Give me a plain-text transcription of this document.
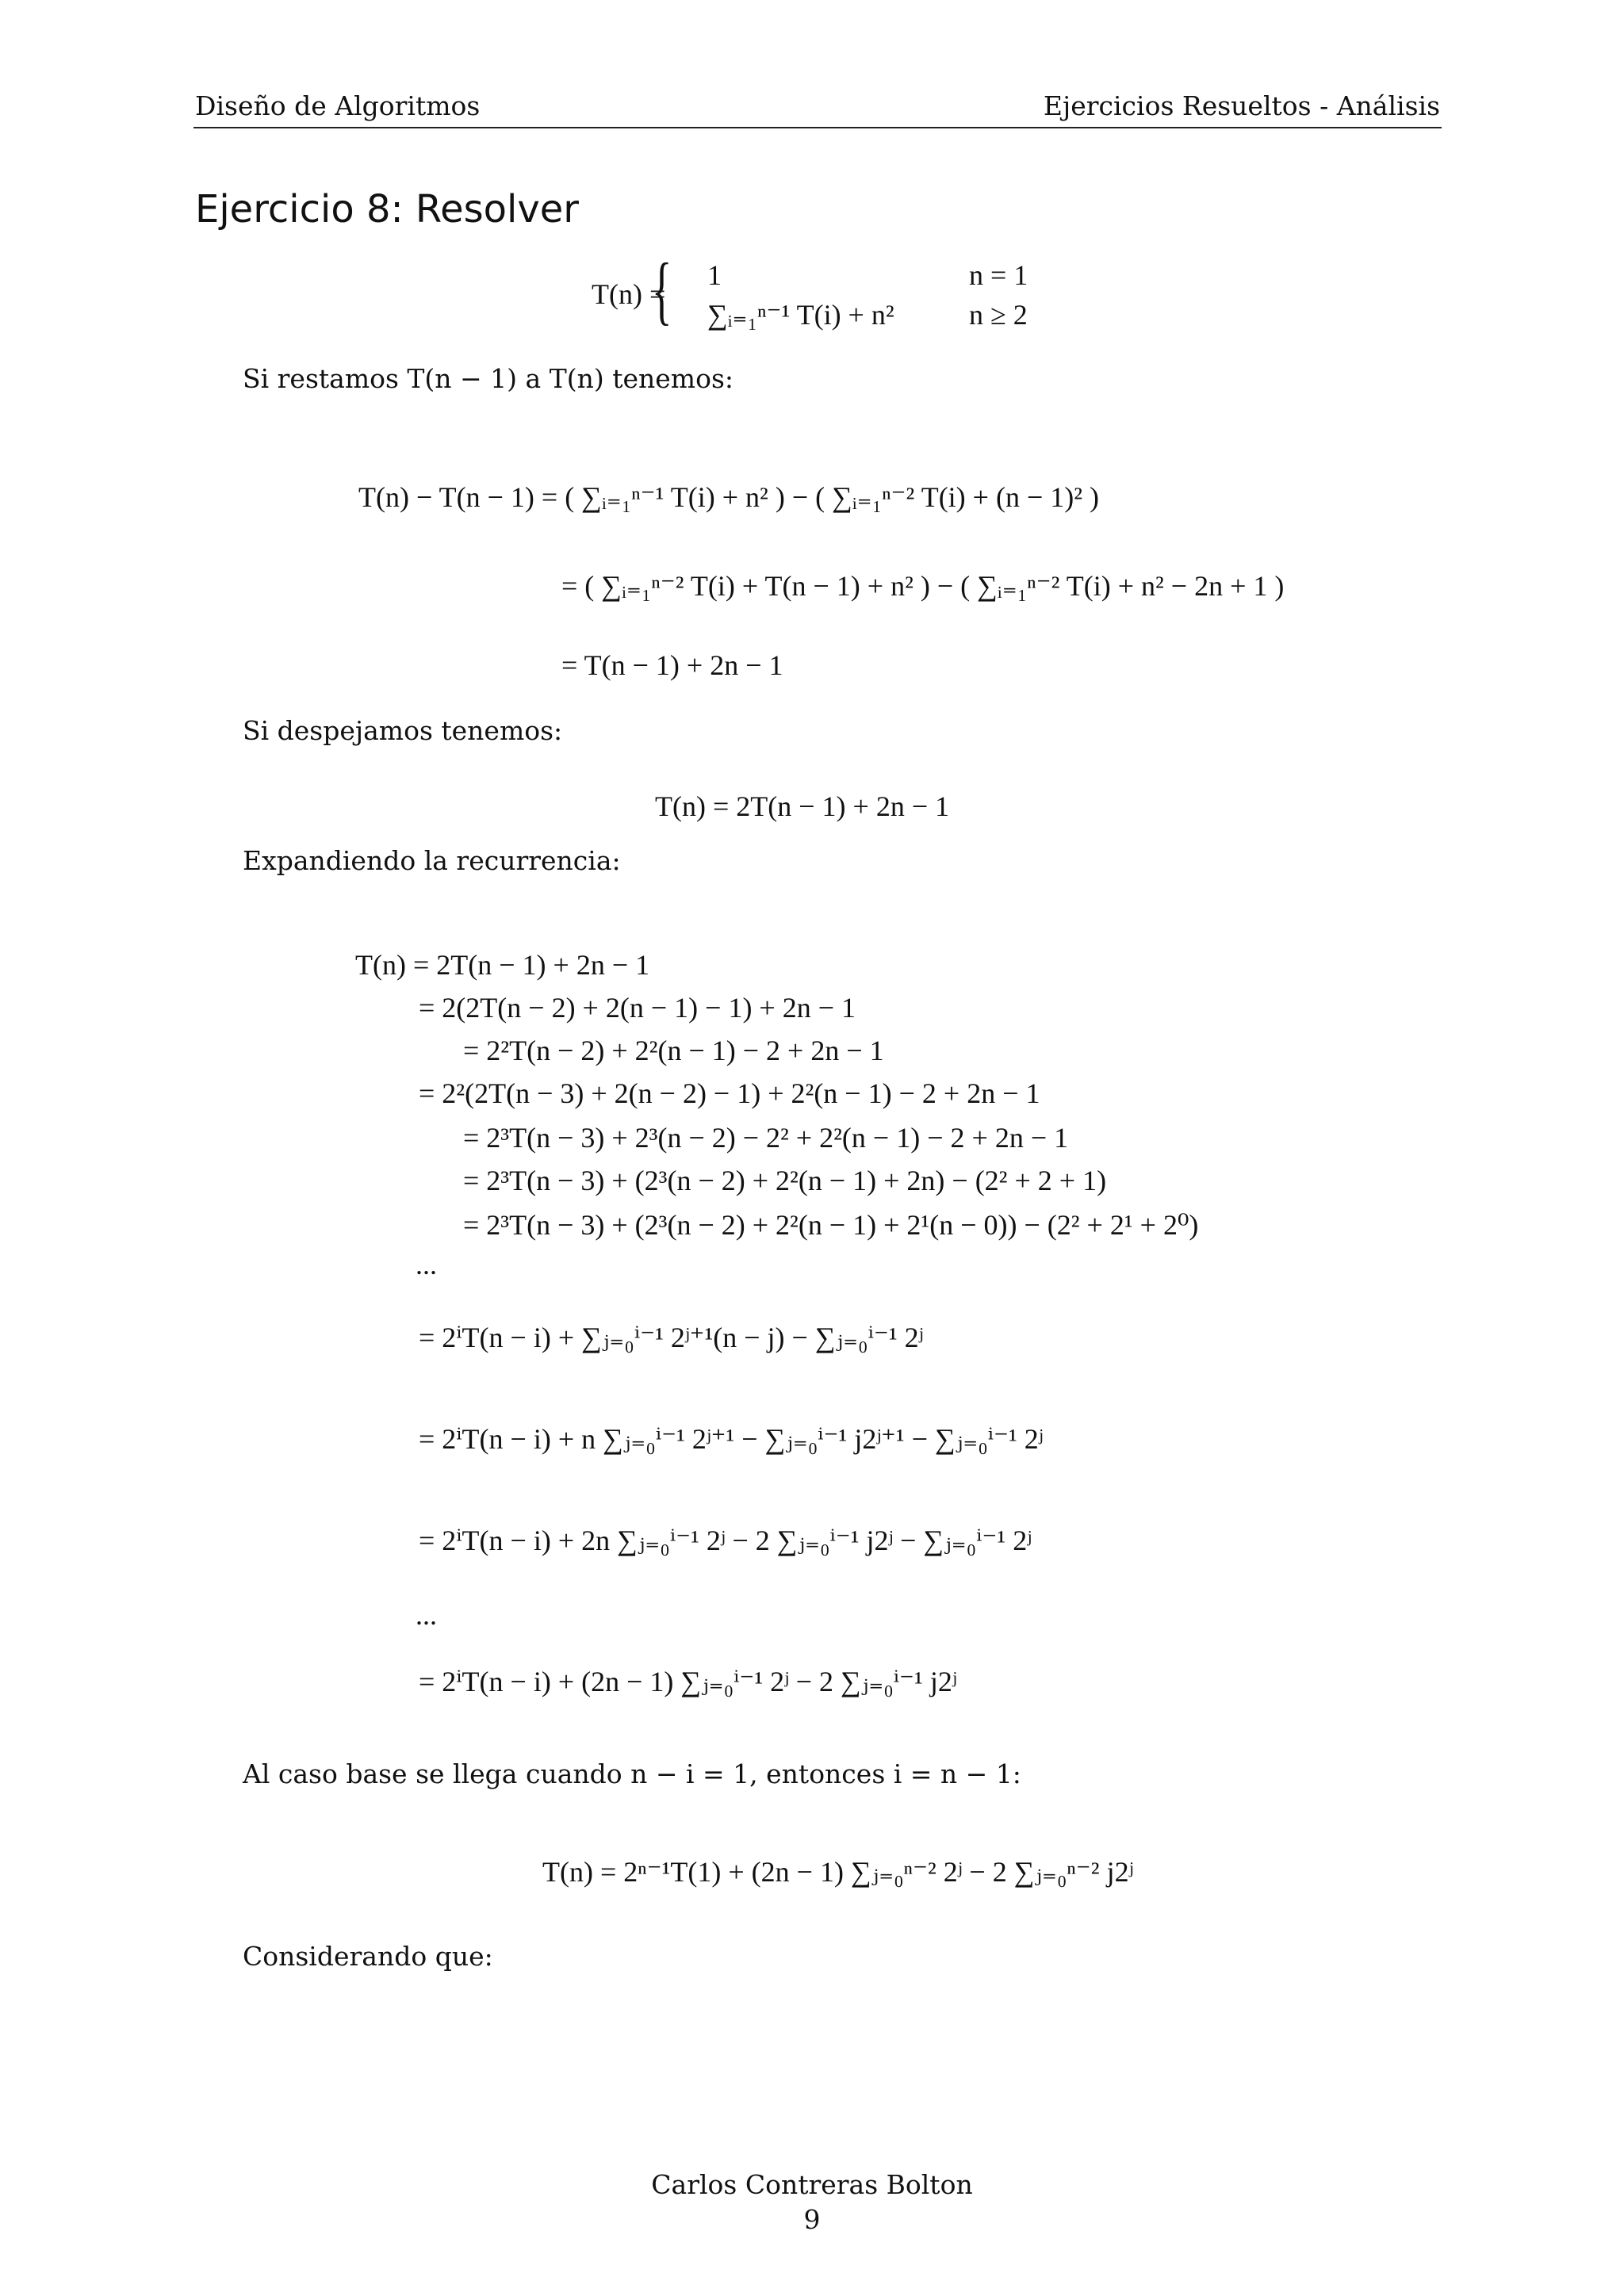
Diseño de Algoritmos	Ejercicios Resueltos - Análisis
Ejercicio 8: Resolver
T(n) =
{ 1	n = 1
∑ᵢ₌₁ⁿ⁻¹ T(i) + n²	n ≥ 2
Si restamos T(n − 1) a T(n) tenemos:
T(n) − T(n − 1) = ( ∑ᵢ₌₁ⁿ⁻¹ T(i) + n² ) − ( ∑ᵢ₌₁ⁿ⁻² T(i) + (n − 1)² )
= ( ∑ᵢ₌₁ⁿ⁻² T(i) + T(n − 1) + n² ) − ( ∑ᵢ₌₁ⁿ⁻² T(i) + n² − 2n + 1 )
= T(n − 1) + 2n − 1
Si despejamos tenemos:
T(n) = 2T(n − 1) + 2n − 1
Expandiendo la recurrencia:
T(n) = 2T(n − 1) + 2n − 1
= 2(2T(n − 2) + 2(n − 1) − 1) + 2n − 1
= 2²T(n − 2) + 2²(n − 1) − 2 + 2n − 1
= 2²(2T(n − 3) + 2(n − 2) − 1) + 2²(n − 1) − 2 + 2n − 1
= 2³T(n − 3) + 2³(n − 2) − 2² + 2²(n − 1) − 2 + 2n − 1
= 2³T(n − 3) + (2³(n − 2) + 2²(n − 1) + 2n) − (2² + 2 + 1)
= 2³T(n − 3) + (2³(n − 2) + 2²(n − 1) + 2¹(n − 0)) − (2² + 2¹ + 2⁰)
...
= 2ⁱT(n − i) + ∑ⱼ₌₀ⁱ⁻¹ 2ʲ⁺¹(n − j) − ∑ⱼ₌₀ⁱ⁻¹ 2ʲ
= 2ⁱT(n − i) + n ∑ⱼ₌₀ⁱ⁻¹ 2ʲ⁺¹ − ∑ⱼ₌₀ⁱ⁻¹ j2ʲ⁺¹ − ∑ⱼ₌₀ⁱ⁻¹ 2ʲ
= 2ⁱT(n − i) + 2n ∑ⱼ₌₀ⁱ⁻¹ 2ʲ − 2 ∑ⱼ₌₀ⁱ⁻¹ j2ʲ − ∑ⱼ₌₀ⁱ⁻¹ 2ʲ
...
= 2ⁱT(n − i) + (2n − 1) ∑ⱼ₌₀ⁱ⁻¹ 2ʲ − 2 ∑ⱼ₌₀ⁱ⁻¹ j2ʲ
Al caso base se llega cuando n − i = 1, entonces i = n − 1:
T(n) = 2ⁿ⁻¹T(1) + (2n − 1) ∑ⱼ₌₀ⁿ⁻² 2ʲ − 2 ∑ⱼ₌₀ⁿ⁻² j2ʲ
Considerando que:
Carlos Contreras Bolton
9
